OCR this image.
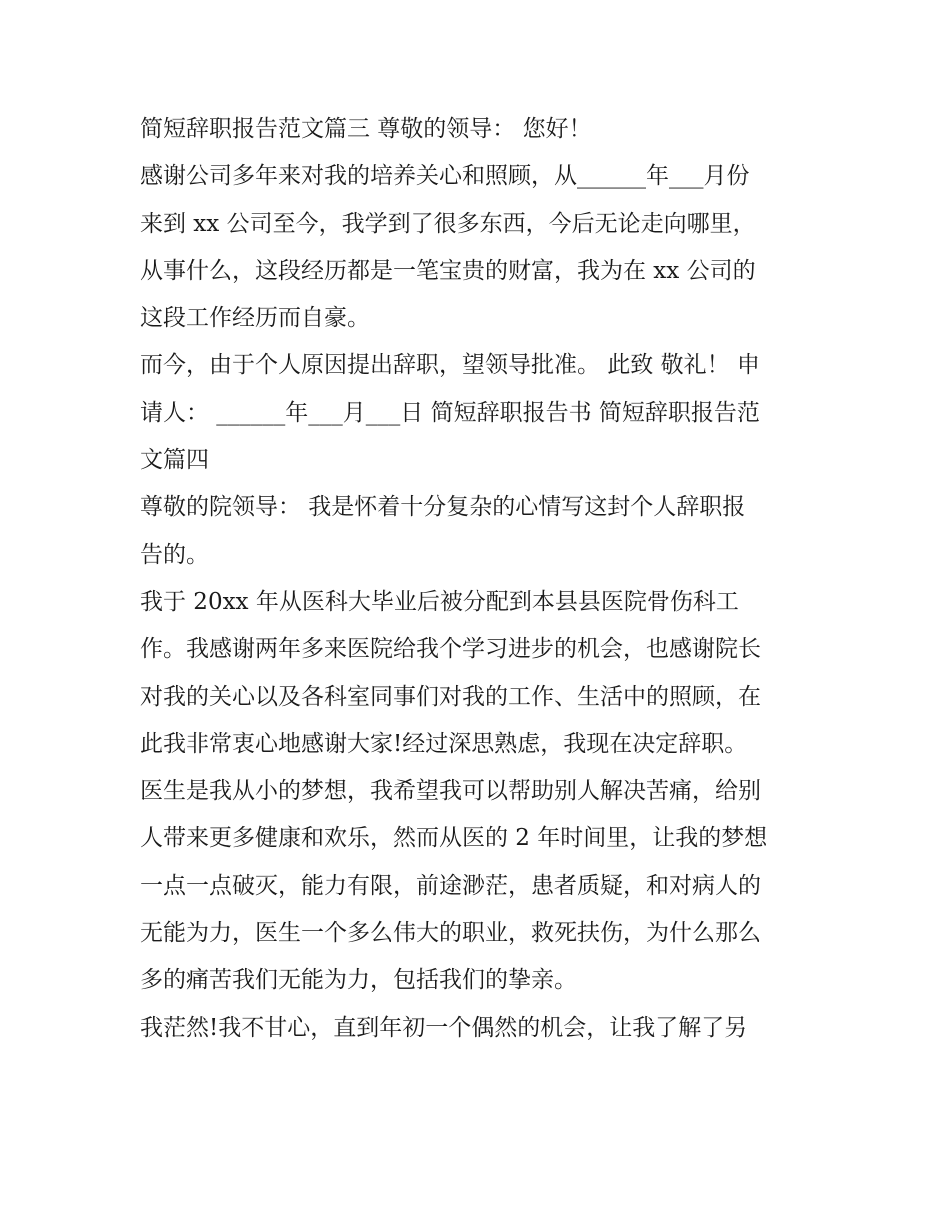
简短辞职报告范文篇三 尊敬的领导： 您好！
感谢公司多年来对我的培养关心和照顾，从______年___月份
来到 xx 公司至今，我学到了很多东西，今后无论走向哪里，
从事什么，这段经历都是一笔宝贵的财富，我为在 xx 公司的
这段工作经历而自豪。
而今，由于个人原因提出辞职，望领导批准。 此致 敬礼！ 申
请人： ______年___月___日 简短辞职报告书 简短辞职报告范
文篇四
尊敬的院领导： 我是怀着十分复杂的心情写这封个人辞职报
告的。
我于 20xx 年从医科大毕业后被分配到本县县医院骨伤科工
作。我感谢两年多来医院给我个学习进步的机会，也感谢院长
对我的关心以及各科室同事们对我的工作、生活中的照顾，在
此我非常衷心地感谢大家!经过深思熟虑，我现在决定辞职。
医生是我从小的梦想，我希望我可以帮助别人解决苦痛，给别
人带来更多健康和欢乐，然而从医的 2 年时间里，让我的梦想
一点一点破灭，能力有限，前途渺茫，患者质疑，和对病人的
无能为力，医生一个多么伟大的职业，救死扶伤，为什么那么
多的痛苦我们无能为力，包括我们的挚亲。
我茫然!我不甘心，直到年初一个偶然的机会，让我了解了另
